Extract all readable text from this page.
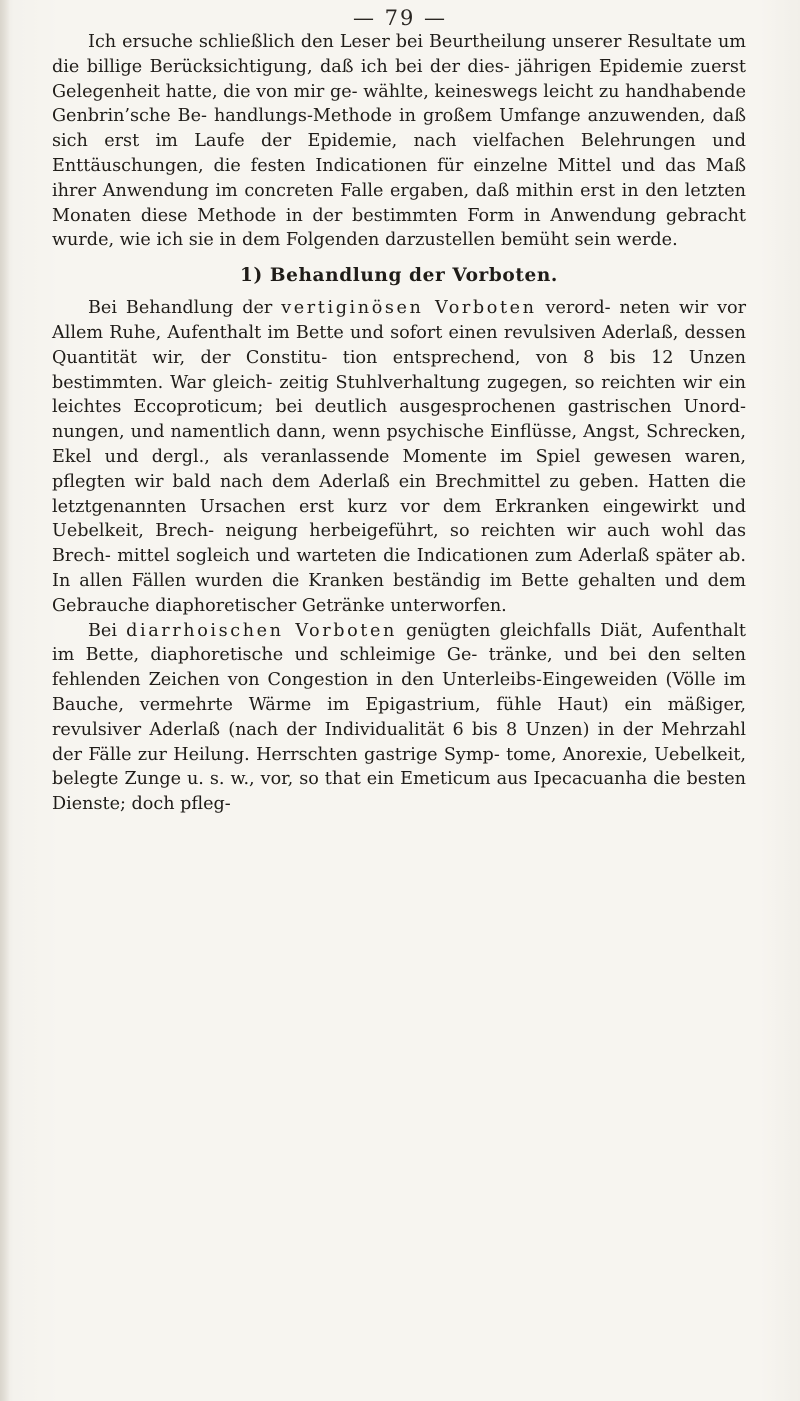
— 79 —

Ich ersuche schließlich den Leser bei Beurtheilung unserer Resultate um die billige Berücksichtigung, daß ich bei der dies- jährigen Epidemie zuerst Gelegenheit hatte, die von mir ge- wählte, keineswegs leicht zu handhabende Genbrin’sche Be- handlungs-Methode in großem Umfange anzuwenden, daß sich erst im Laufe der Epidemie, nach vielfachen Belehrungen und Enttäuschungen, die festen Indicationen für einzelne Mittel und das Maß ihrer Anwendung im concreten Falle ergaben, daß mithin erst in den letzten Monaten diese Methode in der bestimmten Form in Anwendung gebracht wurde, wie ich sie in dem Folgenden darzustellen bemüht sein werde.

1) Behandlung der Vorboten.

Bei Behandlung der vertiginösen Vorboten verord- neten wir vor Allem Ruhe, Aufenthalt im Bette und sofort einen revulsiven Aderlaß, dessen Quantität wir, der Constitu- tion entsprechend, von 8 bis 12 Unzen bestimmten. War gleich- zeitig Stuhlverhaltung zugegen, so reichten wir ein leichtes Eccoproticum; bei deutlich ausgesprochenen gastrischen Unord- nungen, und namentlich dann, wenn psychische Einflüsse, Angst, Schrecken, Ekel und dergl., als veranlassende Momente im Spiel gewesen waren, pflegten wir bald nach dem Aderlaß ein Brechmittel zu geben. Hatten die letztgenannten Ursachen erst kurz vor dem Erkranken eingewirkt und Uebelkeit, Brech- neigung herbeigeführt, so reichten wir auch wohl das Brech- mittel sogleich und warteten die Indicationen zum Aderlaß später ab. In allen Fällen wurden die Kranken beständig im Bette gehalten und dem Gebrauche diaphoretischer Getränke unterworfen.

Bei diarrhoischen Vorboten genügten gleichfalls Diät, Aufenthalt im Bette, diaphoretische und schleimige Ge- tränke, und bei den selten fehlenden Zeichen von Congestion in den Unterleibs-Eingeweiden (Völle im Bauche, vermehrte Wärme im Epigastrium, fühle Haut) ein mäßiger, revulsiver Aderlaß (nach der Individualität 6 bis 8 Unzen) in der Mehrzahl der Fälle zur Heilung. Herrschten gastrige Symp- tome, Anorexie, Uebelkeit, belegte Zunge u. s. w., vor, so that ein Emeticum aus Ipecacuanha die besten Dienste; doch pfleg-
